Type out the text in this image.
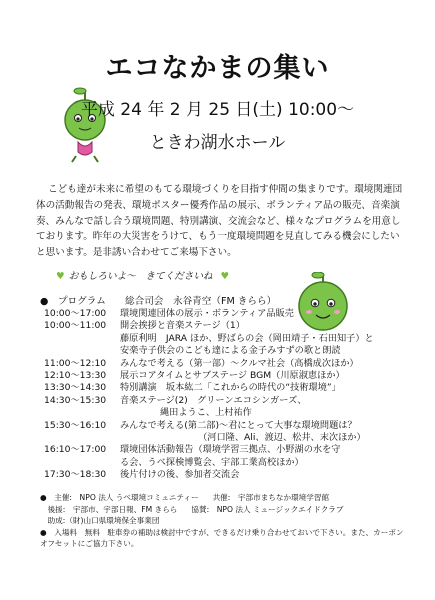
エコなかまの集い
平成 24 年 2 月 25 日(土) 10:00～
ときわ湖水ホール
こども達が未来に希望のもてる環境づくりを目指す仲間の集まりです。環境関連団体の活動報告の発表、環境ポスター優秀作品の展示、ボランティア品の販売、音楽演奏、みんなで話し合う環境問題、特別講演、交流会など、様々なプログラムを用意しております。昨年の大災害をうけて、もう一度環境問題を見直してみる機会にしたいと思います。是非誘い合わせてご来場下さい。
♥ おもしろいよ～　きてくださいね ♥
●　プログラム　　総合司会　永谷青空（FM きらら）
10:00～17:00	環境関連団体の展示・ボランティア品販売
10:00～11:00	開会挨拶と音楽ステージ（1）
藤原利明　JARA ほか、野ばらの会（岡田靖子・石田知子）と
安楽寺子供会のこども達による金子みすずの歌と朗読
11:00～12:10	みんなで考える（第一部）～クルマ社会（高橋成次ほか）
12:10～13:30	展示コアタイムとサブステージ BGM（川原淑恵ほか）
13:30～14:30	特別講演　坂本紘二「これからの時代の“技術環境”」
14:30～15:30	音楽ステージ(2)　グリーンエコシンガーズ、
縄田ようこ、上村祐作
15:30～16:10	みんなで考える(第二部)～君にとって大事な環境問題は？
　　　　　　　　　（河口隆、Ali、渡辺、松井、末次ほか）
16:10～17:00	環境団体活動報告（環境学習三拠点、小野湖の水を守
る会、うべ探検博覧会、宇部工業高校ほか）
17:30～18:30	後片付けの後、参加者交流会
●　主催:　NPO 法人 うべ環境コミュニティー 共催:　宇部市まちなか環境学習館
　後援:　宇部市、宇部日報、FM きらら 協賛:　NPO 法人 ミュージックエイドクラブ
　助成:（財)山口県環境保全事業団
●　入場料　無料　駐車券の補助は検討中ですが、できるだけ乗り合わせておいで下さい。また、カーボンオフセットにご協力下さい。
